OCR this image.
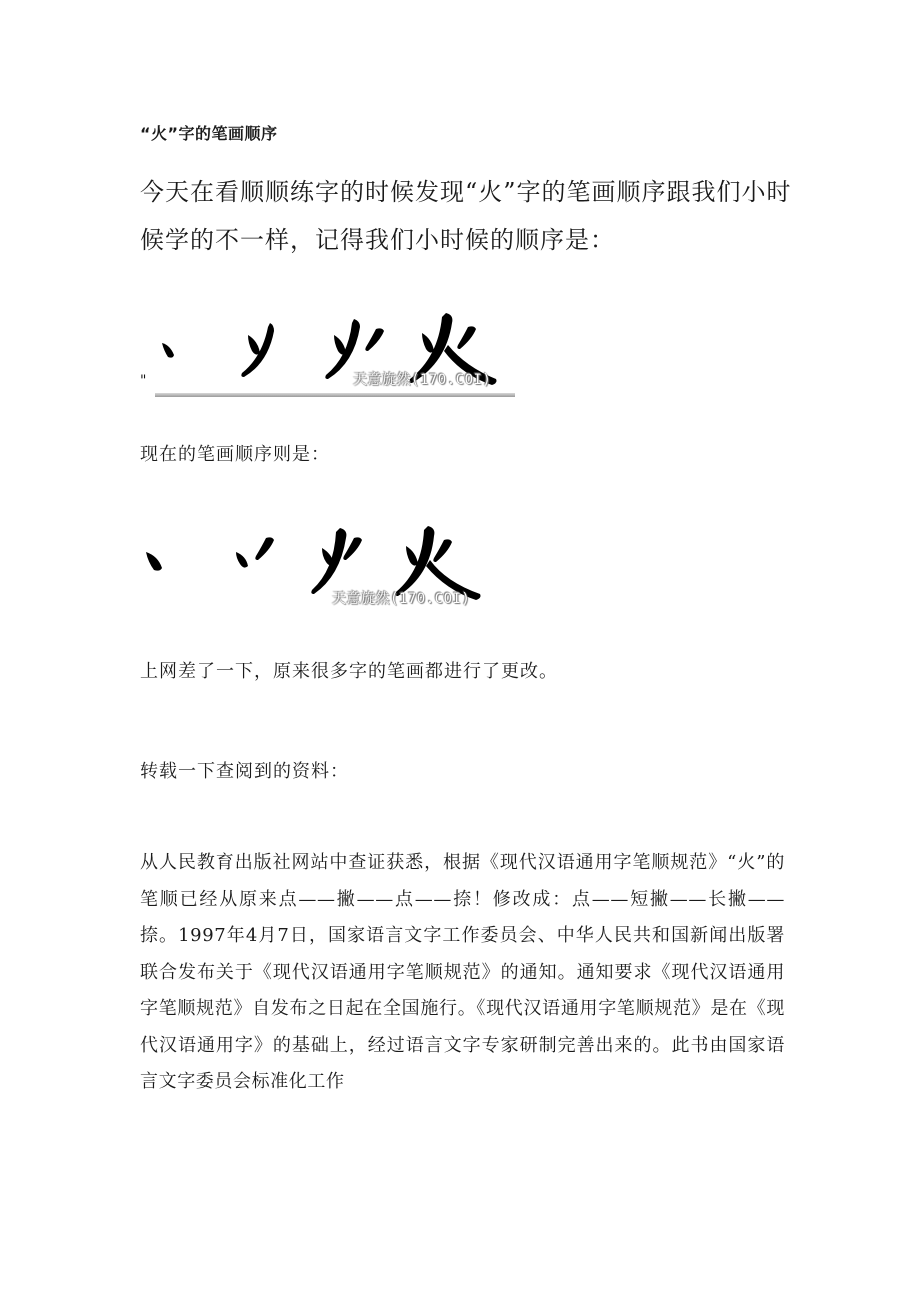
“火”字的笔画顺序
今天在看顺顺练字的时候发现“火”字的笔画顺序跟我们小时候学的不一样，记得我们小时候的顺序是：
"	天意旋然(170.COI)
现在的笔画顺序则是：
天意旋然(170.COI)
上网差了一下，原来很多字的笔画都进行了更改。
转载一下查阅到的资料：
从人民教育出版社网站中查证获悉，根据《现代汉语通用字笔顺规范》“火”的笔顺已经从原来点——撇——点——捺！修改成：点——短撇——长撇——捺。1997年4月7日，国家语言文字工作委员会、中华人民共和国新闻出版署联合发布关于《现代汉语通用字笔顺规范》的通知。通知要求《现代汉语通用字笔顺规范》自发布之日起在全国施行。《现代汉语通用字笔顺规范》是在《现代汉语通用字》的基础上，经过语言文字专家研制完善出来的。此书由国家语言文字委员会标准化工作
